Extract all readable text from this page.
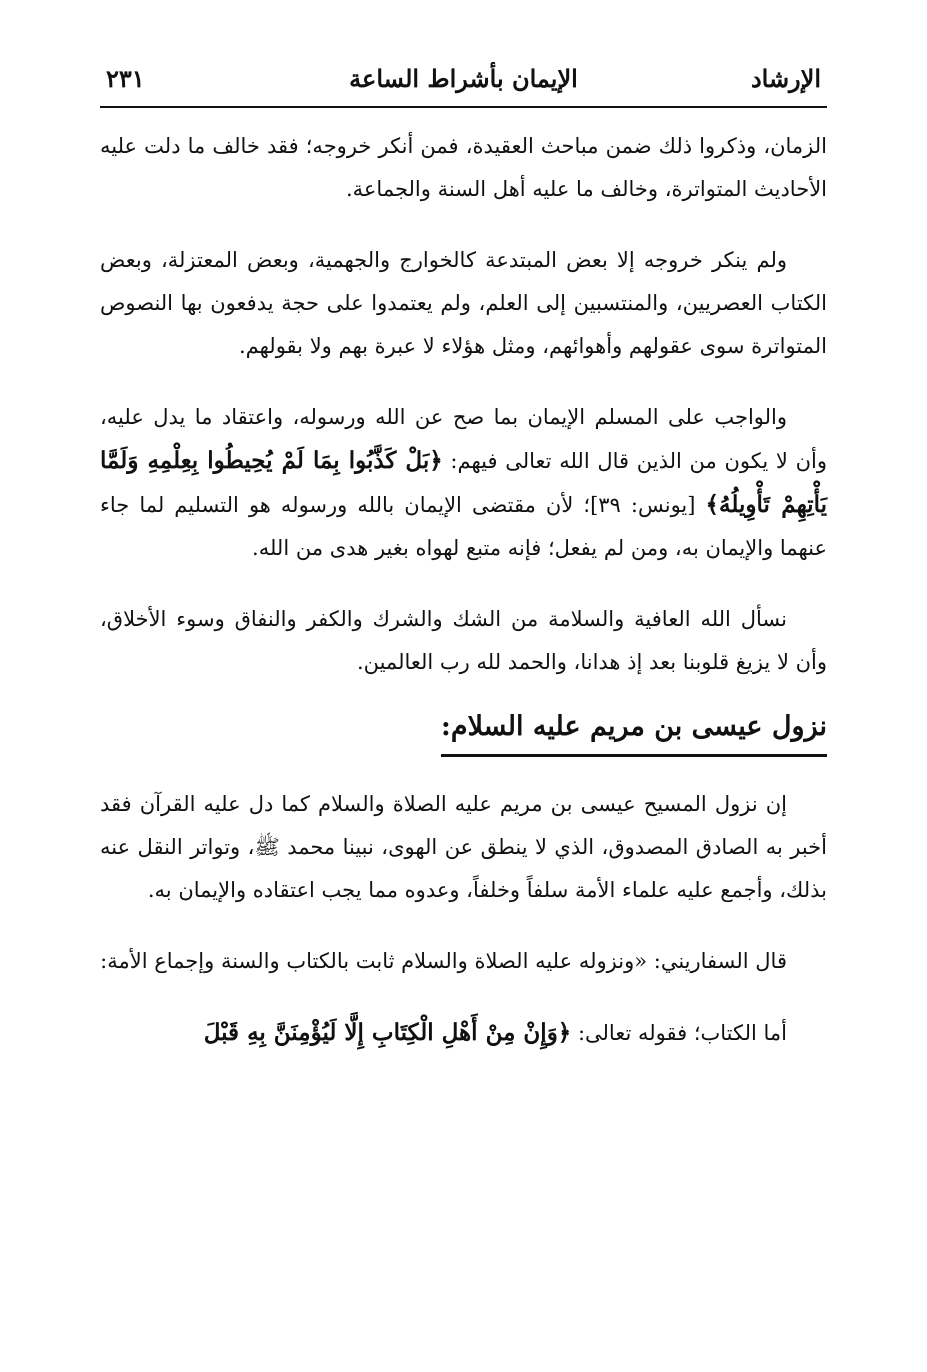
الإرشاد
الإيمان بأشراط الساعة
٢٣١

الزمان، وذكروا ذلك ضمن مباحث العقيدة، فمن أنكر خروجه؛ فقد خالف ما دلت عليه الأحاديث المتواترة، وخالف ما عليه أهل السنة والجماعة.

ولم ينكر خروجه إلا بعض المبتدعة كالخوارج والجهمية، وبعض المعتزلة، وبعض الكتاب العصريين، والمنتسبين إلى العلم، ولم يعتمدوا على حجة يدفعون بها النصوص المتواترة سوى عقولهم وأهوائهم، ومثل هؤلاء لا عبرة بهم ولا بقولهم.

والواجب على المسلم الإيمان بما صح عن الله ورسوله، واعتقاد ما يدل عليه، وأن لا يكون من الذين قال الله تعالى فيهم: ﴿بَلْ كَذَّبُوا بِمَا لَمْ يُحِيطُوا بِعِلْمِهِ وَلَمَّا يَأْتِهِمْ تَأْوِيلُهُ﴾ [يونس: ٣٩]؛ لأن مقتضى الإيمان بالله ورسوله هو التسليم لما جاء عنهما والإيمان به، ومن لم يفعل؛ فإنه متبع لهواه بغير هدى من الله.

نسأل الله العافية والسلامة من الشك والشرك والكفر والنفاق وسوء الأخلاق، وأن لا يزيغ قلوبنا بعد إذ هدانا، والحمد لله رب العالمين.

نزول عيسى بن مريم عليه السلام:

إن نزول المسيح عيسى بن مريم عليه الصلاة والسلام كما دل عليه القرآن فقد أخبر به الصادق المصدوق، الذي لا ينطق عن الهوى، نبينا محمد ﷺ، وتواتر النقل عنه بذلك، وأجمع عليه علماء الأمة سلفاً وخلفاً، وعدوه مما يجب اعتقاده والإيمان به.

قال السفاريني: «ونزوله عليه الصلاة والسلام ثابت بالكتاب والسنة وإجماع الأمة:

أما الكتاب؛ فقوله تعالى: ﴿وَإِنْ مِنْ أَهْلِ الْكِتَابِ إِلَّا لَيُؤْمِنَنَّ بِهِ قَبْلَ
